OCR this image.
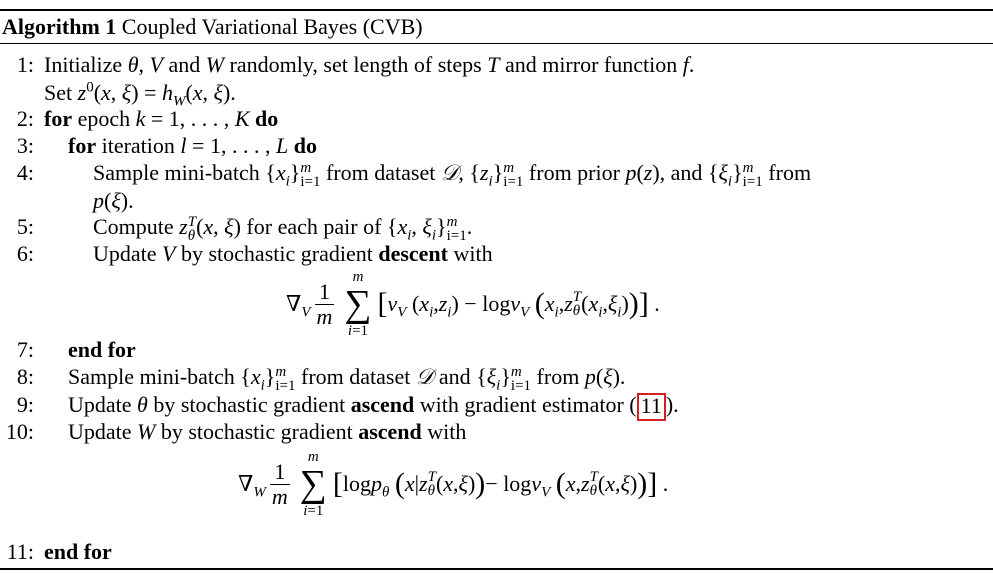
Algorithm 1 Coupled Variational Bayes (CVB)
1: Initialize θ, V and W randomly, set length of steps T and mirror function f.
Set $z^0(x$, $\xi) = h_W(x$, ξ).
2: for epoch k = 1, . . . , K do
3: for iteration l = 1, . . . , L do
4:	Sample mini-batch $\{x_i\}$ m
i=1 from dataset 𝒟, $\{z_i\}$ m
i=1 from prior p(z), and $\{\xi_i\}$ m
i=1 from
p(ξ).
5:	Compute z T
θ (x, ξ) for each pair of {$x_i$, $\xi_i$} m
i=1 .
6:	Update V by stochastic gradient descent with
$\nabla_V \frac{1}{m}$
m
∑
i=1
[ $\nu_V$ ( $x_i$ , $z_i$ ) − $\log \nu_V$
( $x_i$ , z T
θ ( $x_i$ , $\xi_i$ ) ) ] .
7: end for
8: Sample mini-batch $\{x_i\}$ m
i=1 from dataset 𝒟 and $\{\xi_i\}$ m
i=1 from p(ξ).
9: Update θ by stochastic gradient ascend with gradient estimator ( 11 ).
10: Update W by stochastic gradient ascend with
$\nabla_W \frac{1}{m}$
m
∑
i=1
[ $\log p_\theta$
( x | z T
θ ( x , ξ ) ) − $\log \nu_V$
( x , z T
θ ( x , ξ ) ) ] .
11: end for
